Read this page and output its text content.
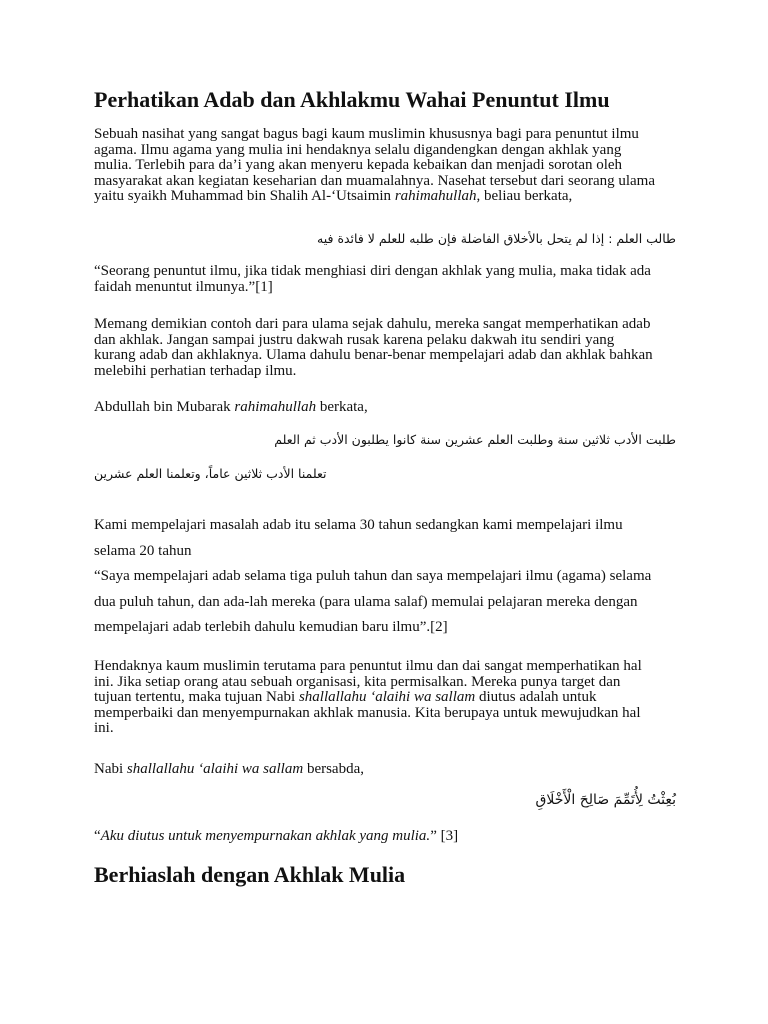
Perhatikan Adab dan Akhlakmu Wahai Penuntut Ilmu

Sebuah nasihat yang sangat bagus bagi kaum muslimin khususnya bagi para penuntut ilmu
agama. Ilmu agama yang mulia ini hendaknya selalu digandengkan dengan akhlak yang
mulia. Terlebih para da’i yang akan menyeru kepada kebaikan dan menjadi sorotan oleh
masyarakat akan kegiatan keseharian dan muamalahnya. Nasehat tersebut dari seorang ulama
yaitu syaikh Muhammad bin Shalih Al-‘Utsaimin rahimahullah, beliau berkata,

طالب العلم : إذا لم يتحل بالأخلاق الفاضلة فإن طلبه للعلم لا فائدة فيه

“Seorang penuntut ilmu, jika tidak menghiasi diri dengan akhlak yang mulia, maka tidak ada
faidah menuntut ilmunya.”[1]

Memang demikian contoh dari para ulama sejak dahulu, mereka sangat memperhatikan adab
dan akhlak. Jangan sampai justru dakwah rusak karena pelaku dakwah itu sendiri yang
kurang adab dan akhlaknya. Ulama dahulu benar-benar mempelajari adab dan akhlak bahkan
melebihi perhatian terhadap ilmu.

Abdullah bin Mubarak rahimahullah berkata,

طلبت الأدب ثلاثين سنة وطلبت العلم عشرين سنة كانوا يطلبون الأدب ثم العلم
تعلمنا الأدب ثلاثين عاماً، وتعلمنا العلم عشرين

Kami mempelajari masalah adab itu selama 30 tahun sedangkan kami mempelajari ilmu
selama 20 tahun
“Saya mempelajari adab selama tiga puluh tahun dan saya mempelajari ilmu (agama) selama
dua puluh tahun, dan ada-lah mereka (para ulama salaf) memulai pelajaran mereka dengan
mempelajari adab terlebih dahulu kemudian baru ilmu”.[2]

Hendaknya kaum muslimin terutama para penuntut ilmu dan dai sangat memperhatikan hal
ini. Jika setiap orang atau sebuah organisasi, kita permisalkan. Mereka punya target dan
tujuan tertentu, maka tujuan Nabi shallallahu ‘alaihi wa sallam diutus adalah untuk
memperbaiki dan menyempurnakan akhlak manusia. Kita berupaya untuk mewujudkan hal
ini.

Nabi shallallahu ‘alaihi wa sallam bersabda,

بُعِثْتُ لِأُتَمِّمَ صَالِحَ الْأَخْلَاقِ

“Aku diutus untuk menyempurnakan akhlak yang mulia.” [3]

Berhiaslah dengan Akhlak Mulia
